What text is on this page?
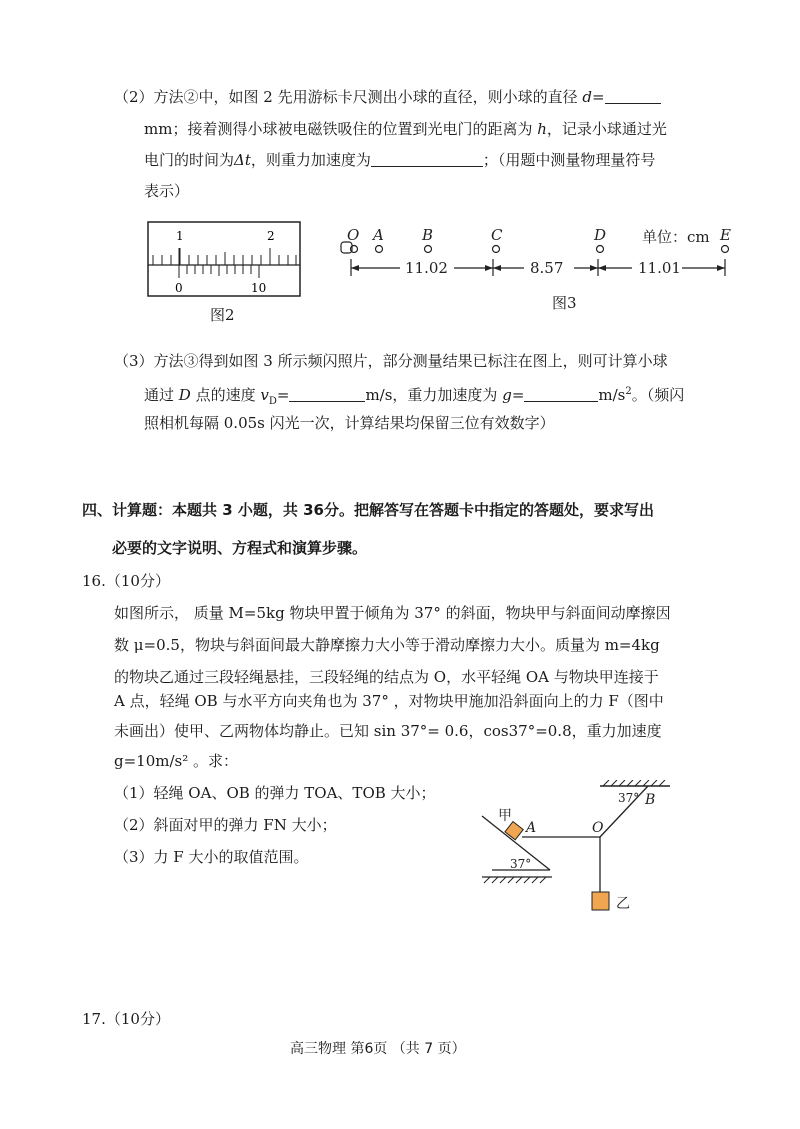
（2）方法②中，如图 2 先用游标卡尺测出小球的直径，则小球的直径 d=
mm；接着测得小球被电磁铁吸住的位置到光电门的距离为 h，记录小球通过光
电门的时间为Δt，则重力加速度为	；（用题中测量物理量符号
表示）
1	2
0	10
图2
O A	B	C	D	E
单位：cm
11.02	8.57	11.01
图3
（3）方法③得到如图 3 所示频闪照片，部分测量结果已标注在图上，则可计算小球
通过 D 点的速度 $v_D=$	m/s，重力加速度为 g=	$m/s^2$。（频闪
照相机每隔 0.05s 闪光一次，计算结果均保留三位有效数字）
四、计算题：本题共 3 小题，共 36分。把解答写在答题卡中指定的答题处，要求写出
必要的文字说明、方程式和演算步骤。
16.（10分）
如图所示， 质量 M=5kg 物块甲置于倾角为 37° 的斜面，物块甲与斜面间动摩擦因
数 μ=0.5，物块与斜面间最大静摩擦力大小等于滑动摩擦力大小。质量为 m=4kg
的物块乙通过三段轻绳悬挂，三段轻绳的结点为 O，水平轻绳 OA 与物块甲连接于
A 点，轻绳 OB 与水平方向夹角也为 37° ，对物块甲施加沿斜面向上的力 F（图中
未画出）使甲、乙两物体均静止。已知 sin 37°= 0.6，cos37°=0.8，重力加速度
g=10m/s² 。求：
（1）轻绳 OA、OB 的弹力 TOA、TOB 大小；
（2）斜面对甲的弹力 FN 大小；
（3）力 F 大小的取值范围。
甲
A	O
B
乙
37°
37°
17.（10分）
高三物理 第6页 （共 7 页）
